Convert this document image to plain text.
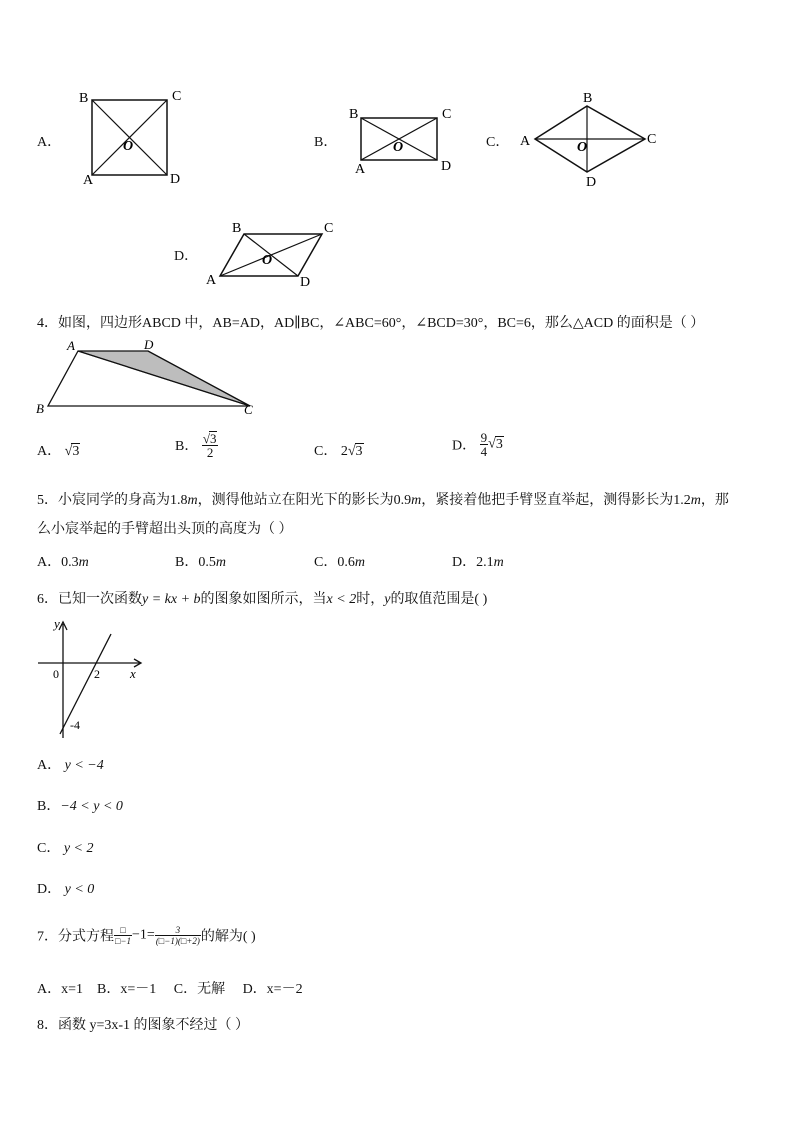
A．
B	C
A	D
O	B．
B	C
A	D
O	C．
B
A	C
D
O
D．
B	C
A	D
O
4．如图，四边形ABCD 中，AB=AD，AD∥BC，∠ABC=60°，∠BCD=30°，BC=6，那么△ACD 的面积是（ ）
A	D
B	C
A． √3	B． $\frac{√3}{2}$	C． 2√3	D． $\frac{9}{4} √3$
5．小宸同学的身高为1.8m，测得他站立在阳光下的影长为0.9m，紧接着他把手臂竖直举起，测得影长为1.2m，那
么小宸举起的手臂超出头顶的高度为（ ）
A．0.3m	B．0.5m	C．0.6m	D．2.1m
6．已知一次函数y = kx + b的图象如图所示，当x < 2时，y的取值范围是( )
y
x
0	2
-4
A． y < −4
B．−4 < y < 0
C． y < 2
D． y < 0
7．分式方程 $\frac{□}{□-1} -1= \frac{3}{(□-1)(□+2)}$ 的解为( )
A．x=1    B．x=－1     C．无解     D．x=－2
8．函数 y=3x-1 的图象不经过（ ）
